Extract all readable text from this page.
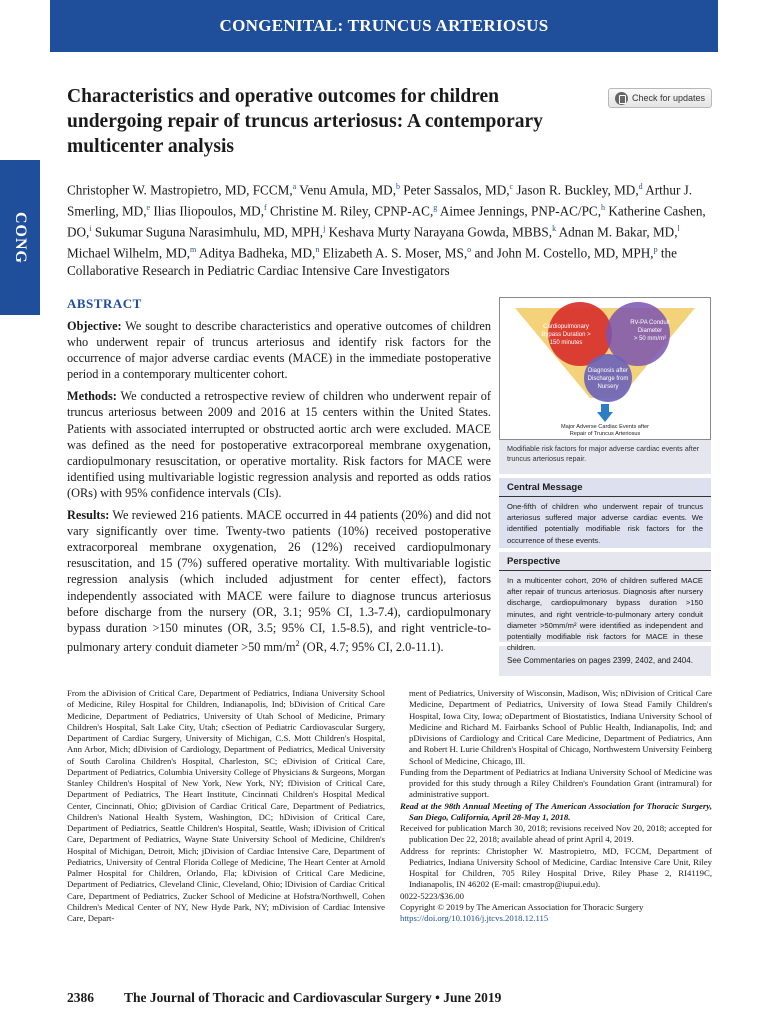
CONGENITAL: TRUNCUS ARTERIOSUS
CONG
Characteristics and operative outcomes for children undergoing repair of truncus arteriosus: A contemporary multicenter analysis
Check for updates
Christopher W. Mastropietro, MD, FCCM,$^a$ Venu Amula, MD,$^b$ Peter Sassalos, MD,$^c$ Jason R. Buckley, MD,$^d$ Arthur J. Smerling, MD,$^e$ Ilias Iliopoulos, MD,$^f$ Christine M. Riley, CPNP-AC,$^g$ Aimee Jennings, PNP-AC/PC,$^h$ Katherine Cashen, DO,$^i$ Sukumar Suguna Narasimhulu, MD, MPH,$^j$ Keshava Murty Narayana Gowda, MBBS,$^k$ Adnan M. Bakar, MD,$^l$ Michael Wilhelm, MD,$^m$ Aditya Badheka, MD,$^n$ Elizabeth A. S. Moser, MS,$^o$ and John M. Costello, MD, MPH,$^p$ the Collaborative Research in Pediatric Cardiac Intensive Care Investigators
ABSTRACT

Objective: We sought to describe characteristics and operative outcomes of children who underwent repair of truncus arteriosus and identify risk factors for the occurrence of major adverse cardiac events (MACE) in the immediate postoperative period in a contemporary multicenter cohort.

Methods: We conducted a retrospective review of children who underwent repair of truncus arteriosus between 2009 and 2016 at 15 centers within the United States. Patients with associated interrupted or obstructed aortic arch were excluded. MACE was defined as the need for postoperative extracorporeal membrane oxygenation, cardiopulmonary resuscitation, or operative mortality. Risk factors for MACE were identified using multivariable logistic regression analysis and reported as odds ratios (ORs) with 95% confidence intervals (CIs).

Results: We reviewed 216 patients. MACE occurred in 44 patients (20%) and did not vary significantly over time. Twenty-two patients (10%) received postoperative extracorporeal membrane oxygenation, 26 (12%) received cardiopulmonary resuscitation, and 15 (7%) suffered operative mortality. With multivariable logistic regression analysis (which included adjustment for center effect), factors independently associated with MACE were failure to diagnose truncus arteriosus before discharge from the nursery (OR, 3.1; 95% CI, 1.3-7.4), cardiopulmonary bypass duration >150 minutes (OR, 3.5; 95% CI, 1.5-8.5), and right ventricle-to-pulmonary artery conduit diameter >50 $mm/m^2$ (OR, 4.7; 95% CI, 2.0-11.1).

Cardiopulmonary
Bypass Duration >
150 minutes
RV-PA Conduit
Diameter
> 50 mm/m²
Diagnosis after
Discharge from
Nursery
Major Adverse Cardiac Events after
Repair of Truncus Arteriosus
Modifiable risk factors for major adverse cardiac events after truncus arteriosus repair.
Central Message
One-fifth of children who underwent repair of truncus arteriosus suffered major adverse cardiac events. We identified potentially modifiable risk factors for the occurrence of these events.
Perspective
In a multicenter cohort, 20% of children suffered MACE after repair of truncus arteriosus. Diagnosis after nursery discharge, cardiopulmonary bypass duration >150 minutes, and right ventricle-to-pulmonary artery conduit diameter >50mm/m² were identified as independent and potentially modifiable risk factors for MACE in these children.
See Commentaries on pages 2399, 2402, and 2404.
From the aDivision of Critical Care, Department of Pediatrics, Indiana University School of Medicine, Riley Hospital for Children, Indianapolis, Ind; bDivision of Critical Care Medicine, Department of Pediatrics, University of Utah School of Medicine, Primary Children's Hospital, Salt Lake City, Utah; cSection of Pediatric Cardiovascular Surgery, Department of Cardiac Surgery, University of Michigan, C.S. Mott Children's Hospital, Ann Arbor, Mich; dDivision of Cardiology, Department of Pediatrics, Medical University of South Carolina Children's Hospital, Charleston, SC; eDivision of Critical Care, Department of Pediatrics, Columbia University College of Physicians & Surgeons, Morgan Stanley Children's Hospital of New York, New York, NY; fDivision of Critical Care, Department of Pediatrics, The Heart Institute, Cincinnati Children's Hospital Medical Center, Cincinnati, Ohio; gDivision of Cardiac Critical Care, Department of Pediatrics, Children's National Health System, Washington, DC; hDivision of Critical Care, Department of Pediatrics, Seattle Children's Hospital, Seattle, Wash; iDivision of Critical Care, Department of Pediatrics, Wayne State University School of Medicine, Children's Hospital of Michigan, Detroit, Mich; jDivision of Cardiac Intensive Care, Department of Pediatrics, University of Central Florida College of Medicine, The Heart Center at Arnold Palmer Hospital for Children, Orlando, Fla; kDivision of Critical Care Medicine, Department of Pediatrics, Cleveland Clinic, Cleveland, Ohio; lDivision of Cardiac Critical Care, Department of Pediatrics, Zucker School of Medicine at Hofstra/Northwell, Cohen Children's Medical Center of NY, New Hyde Park, NY; mDivision of Cardiac Intensive Care, Depart-

ment of Pediatrics, University of Wisconsin, Madison, Wis; nDivision of Critical Care Medicine, Department of Pediatrics, University of Iowa Stead Family Children's Hospital, Iowa City, Iowa; oDepartment of Biostatistics, Indiana University School of Medicine and Richard M. Fairbanks School of Public Health, Indianapolis, Ind; and pDivisions of Cardiology and Critical Care Medicine, Department of Pediatrics, Ann and Robert H. Lurie Children's Hospital of Chicago, Northwestern University Feinberg School of Medicine, Chicago, Ill.

Funding from the Department of Pediatrics at Indiana University School of Medicine was provided for this study through a Riley Children's Foundation Grant (intramural) for administrative support.

Read at the 98th Annual Meeting of The American Association for Thoracic Surgery, San Diego, California, April 28-May 1, 2018.

Received for publication March 30, 2018; revisions received Nov 20, 2018; accepted for publication Dec 22, 2018; available ahead of print April 4, 2019.

Address for reprints: Christopher W. Mastropietro, MD, FCCM, Department of Pediatrics, Indiana University School of Medicine, Cardiac Intensive Care Unit, Riley Hospital for Children, 705 Riley Hospital Drive, Riley Phase 2, RI4119C, Indianapolis, IN 46202 (E-mail: cmastrop@iupui.edu).

0022-5223/$36.00

Copyright © 2019 by The American Association for Thoracic Surgery

https://doi.org/10.1016/j.jtcvs.2018.12.115

2386 The Journal of Thoracic and Cardiovascular Surgery • June 2019
